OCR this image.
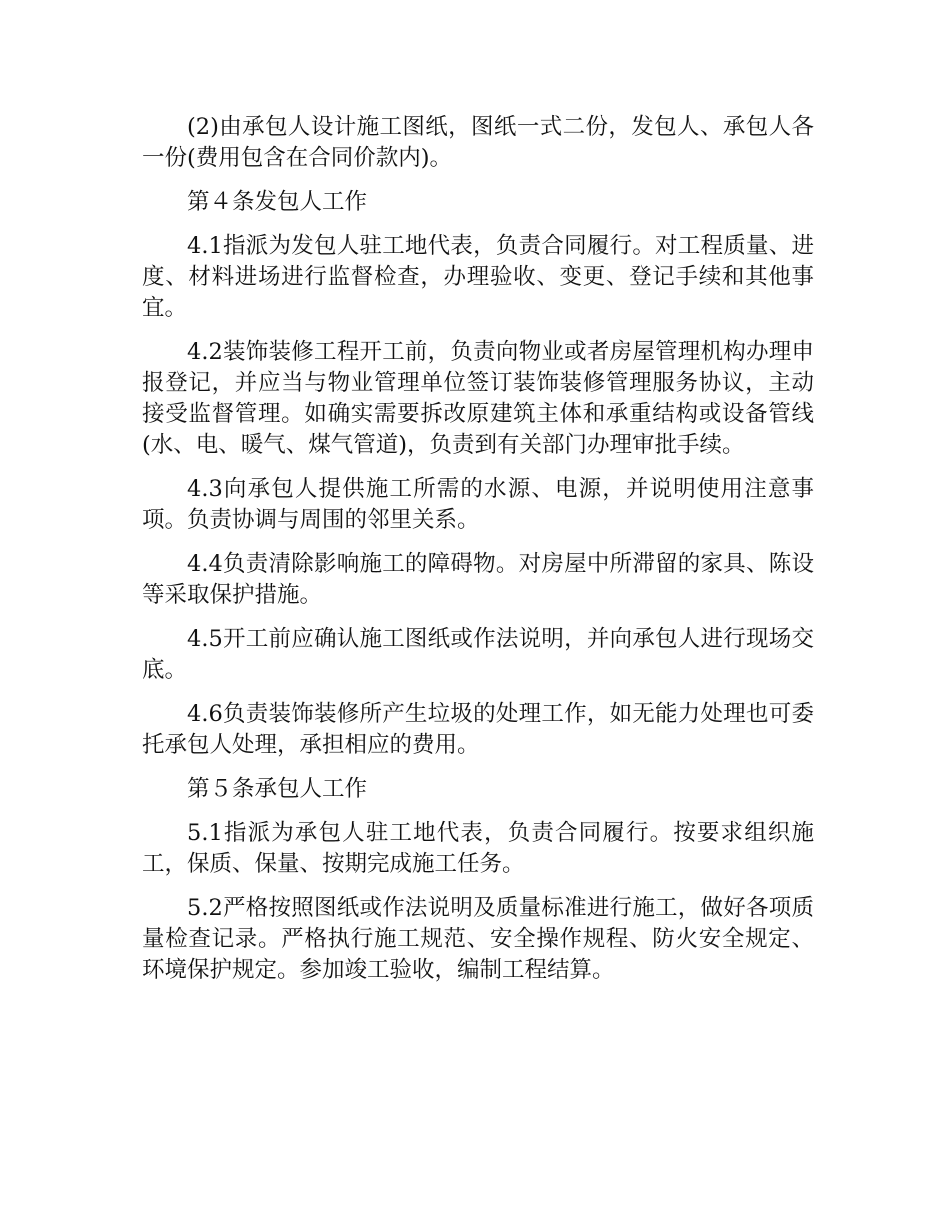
(2)由承包人设计施工图纸，图纸一式二份，发包人、承包人各一份(费用包含在合同价款内)。

第４条发包人工作

4.1指派为发包人驻工地代表，负责合同履行。对工程质量、进度、材料进场进行监督检查，办理验收、变更、登记手续和其他事宜。

4.2装饰装修工程开工前，负责向物业或者房屋管理机构办理申报登记，并应当与物业管理单位签订装饰装修管理服务协议，主动接受监督管理。如确实需要拆改原建筑主体和承重结构或设备管线(水、电、暖气、煤气管道)，负责到有关部门办理审批手续。

4.3向承包人提供施工所需的水源、电源，并说明使用注意事项。负责协调与周围的邻里关系。

4.4负责清除影响施工的障碍物。对房屋中所滞留的家具、陈设等采取保护措施。

4.5开工前应确认施工图纸或作法说明，并向承包人进行现场交底。

4.6负责装饰装修所产生垃圾的处理工作，如无能力处理也可委托承包人处理，承担相应的费用。

第５条承包人工作

5.1指派为承包人驻工地代表，负责合同履行。按要求组织施工，保质、保量、按期完成施工任务。

5.2严格按照图纸或作法说明及质量标准进行施工，做好各项质量检查记录。严格执行施工规范、安全操作规程、防火安全规定、环境保护规定。参加竣工验收，编制工程结算。
